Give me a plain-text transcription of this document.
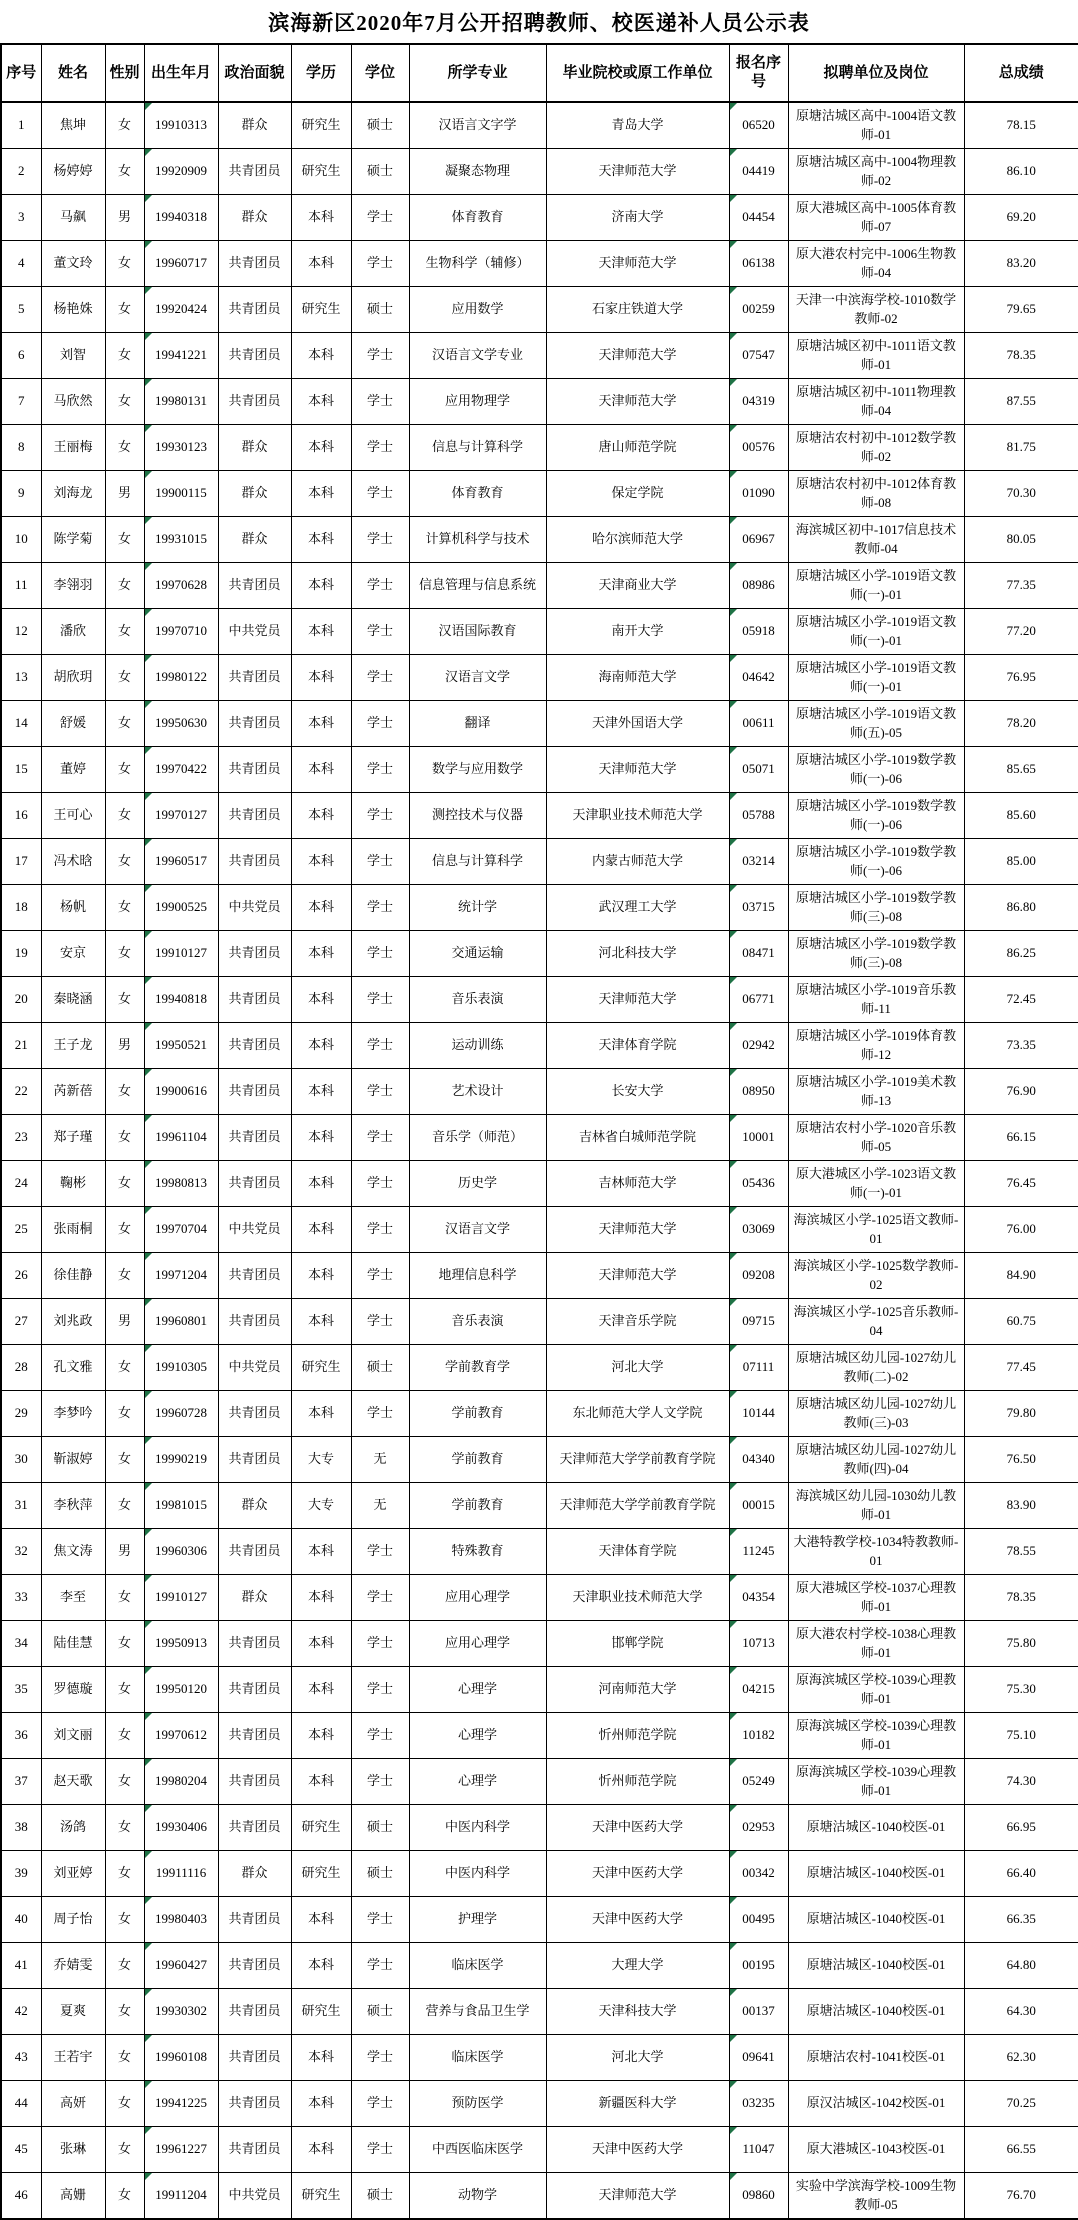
滨海新区2020年7月公开招聘教师、校医递补人员公示表
序号	姓名	性别	出生年月	政治面貌	学历	学位	所学专业	毕业院校或原工作单位	报名序号	拟聘单位及岗位	总成绩
1	焦坤	女	19910313	群众	研究生	硕士	汉语言文字学	青岛大学	06520	原塘沽城区高中-1004语文教师-01	78.15
2	杨婷婷	女	19920909	共青团员	研究生	硕士	凝聚态物理	天津师范大学	04419	原塘沽城区高中-1004物理教师-02	86.10
3	马飙	男	19940318	群众	本科	学士	体育教育	济南大学	04454	原大港城区高中-1005体育教师-07	69.20
4	董文玲	女	19960717	共青团员	本科	学士	生物科学（辅修）	天津师范大学	06138	原大港农村完中-1006生物教师-04	83.20
5	杨艳姝	女	19920424	共青团员	研究生	硕士	应用数学	石家庄铁道大学	00259	天津一中滨海学校-1010数学教师-02	79.65
6	刘智	女	19941221	共青团员	本科	学士	汉语言文学专业	天津师范大学	07547	原塘沽城区初中-1011语文教师-01	78.35
7	马欣然	女	19980131	共青团员	本科	学士	应用物理学	天津师范大学	04319	原塘沽城区初中-1011物理教师-04	87.55
8	王丽梅	女	19930123	群众	本科	学士	信息与计算科学	唐山师范学院	00576	原塘沽农村初中-1012数学教师-02	81.75
9	刘海龙	男	19900115	群众	本科	学士	体育教育	保定学院	01090	原塘沽农村初中-1012体育教师-08	70.30
10	陈学菊	女	19931015	群众	本科	学士	计算机科学与技术	哈尔滨师范大学	06967	海滨城区初中-1017信息技术教师-04	80.05
11	李翎羽	女	19970628	共青团员	本科	学士	信息管理与信息系统	天津商业大学	08986	原塘沽城区小学-1019语文教师(一)-01	77.35
12	潘欣	女	19970710	中共党员	本科	学士	汉语国际教育	南开大学	05918	原塘沽城区小学-1019语文教师(一)-01	77.20
13	胡欣玥	女	19980122	共青团员	本科	学士	汉语言文学	海南师范大学	04642	原塘沽城区小学-1019语文教师(一)-01	76.95
14	舒媛	女	19950630	共青团员	本科	学士	翻译	天津外国语大学	00611	原塘沽城区小学-1019语文教师(五)-05	78.20
15	董婷	女	19970422	共青团员	本科	学士	数学与应用数学	天津师范大学	05071	原塘沽城区小学-1019数学教师(一)-06	85.65
16	王可心	女	19970127	共青团员	本科	学士	测控技术与仪器	天津职业技术师范大学	05788	原塘沽城区小学-1019数学教师(一)-06	85.60
17	冯术晗	女	19960517	共青团员	本科	学士	信息与计算科学	内蒙古师范大学	03214	原塘沽城区小学-1019数学教师(一)-06	85.00
18	杨帆	女	19900525	中共党员	本科	学士	统计学	武汉理工大学	03715	原塘沽城区小学-1019数学教师(三)-08	86.80
19	安京	女	19910127	共青团员	本科	学士	交通运输	河北科技大学	08471	原塘沽城区小学-1019数学教师(三)-08	86.25
20	秦晓涵	女	19940818	共青团员	本科	学士	音乐表演	天津师范大学	06771	原塘沽城区小学-1019音乐教师-11	72.45
21	王子龙	男	19950521	共青团员	本科	学士	运动训练	天津体育学院	02942	原塘沽城区小学-1019体育教师-12	73.35
22	芮新蓓	女	19900616	共青团员	本科	学士	艺术设计	长安大学	08950	原塘沽城区小学-1019美术教师-13	76.90
23	郑子瑾	女	19961104	共青团员	本科	学士	音乐学（师范）	吉林省白城师范学院	10001	原塘沽农村小学-1020音乐教师-05	66.15
24	鞠彬	女	19980813	共青团员	本科	学士	历史学	吉林师范大学	05436	原大港城区小学-1023语文教师(一)-01	76.45
25	张雨桐	女	19970704	中共党员	本科	学士	汉语言文学	天津师范大学	03069	海滨城区小学-1025语文教师-01	76.00
26	徐佳静	女	19971204	共青团员	本科	学士	地理信息科学	天津师范大学	09208	海滨城区小学-1025数学教师-02	84.90
27	刘兆政	男	19960801	共青团员	本科	学士	音乐表演	天津音乐学院	09715	海滨城区小学-1025音乐教师-04	60.75
28	孔文雅	女	19910305	中共党员	研究生	硕士	学前教育学	河北大学	07111	原塘沽城区幼儿园-1027幼儿教师(二)-02	77.45
29	李梦吟	女	19960728	共青团员	本科	学士	学前教育	东北师范大学人文学院	10144	原塘沽城区幼儿园-1027幼儿教师(三)-03	79.80
30	靳淑婷	女	19990219	共青团员	大专	无	学前教育	天津师范大学学前教育学院	04340	原塘沽城区幼儿园-1027幼儿教师(四)-04	76.50
31	李秋萍	女	19981015	群众	大专	无	学前教育	天津师范大学学前教育学院	00015	海滨城区幼儿园-1030幼儿教师-01	83.90
32	焦文涛	男	19960306	共青团员	本科	学士	特殊教育	天津体育学院	11245	大港特教学校-1034特教教师-01	78.55
33	李至	女	19910127	群众	本科	学士	应用心理学	天津职业技术师范大学	04354	原大港城区学校-1037心理教师-01	78.35
34	陆佳慧	女	19950913	共青团员	本科	学士	应用心理学	邯郸学院	10713	原大港农村学校-1038心理教师-01	75.80
35	罗德璇	女	19950120	共青团员	本科	学士	心理学	河南师范大学	04215	原海滨城区学校-1039心理教师-01	75.30
36	刘文丽	女	19970612	共青团员	本科	学士	心理学	忻州师范学院	10182	原海滨城区学校-1039心理教师-01	75.10
37	赵天歌	女	19980204	共青团员	本科	学士	心理学	忻州师范学院	05249	原海滨城区学校-1039心理教师-01	74.30
38	汤鸽	女	19930406	共青团员	研究生	硕士	中医内科学	天津中医药大学	02953	原塘沽城区-1040校医-01	66.95
39	刘亚婷	女	19911116	群众	研究生	硕士	中医内科学	天津中医药大学	00342	原塘沽城区-1040校医-01	66.40
40	周子怡	女	19980403	共青团员	本科	学士	护理学	天津中医药大学	00495	原塘沽城区-1040校医-01	66.35
41	乔婧雯	女	19960427	共青团员	本科	学士	临床医学	大理大学	00195	原塘沽城区-1040校医-01	64.80
42	夏爽	女	19930302	共青团员	研究生	硕士	营养与食品卫生学	天津科技大学	00137	原塘沽城区-1040校医-01	64.30
43	王若宇	女	19960108	共青团员	本科	学士	临床医学	河北大学	09641	原塘沽农村-1041校医-01	62.30
44	高妍	女	19941225	共青团员	本科	学士	预防医学	新疆医科大学	03235	原汉沽城区-1042校医-01	70.25
45	张琳	女	19961227	共青团员	本科	学士	中西医临床医学	天津中医药大学	11047	原大港城区-1043校医-01	66.55
46	高姗	女	19911204	中共党员	研究生	硕士	动物学	天津师范大学	09860	实验中学滨海学校-1009生物教师-05	76.70
